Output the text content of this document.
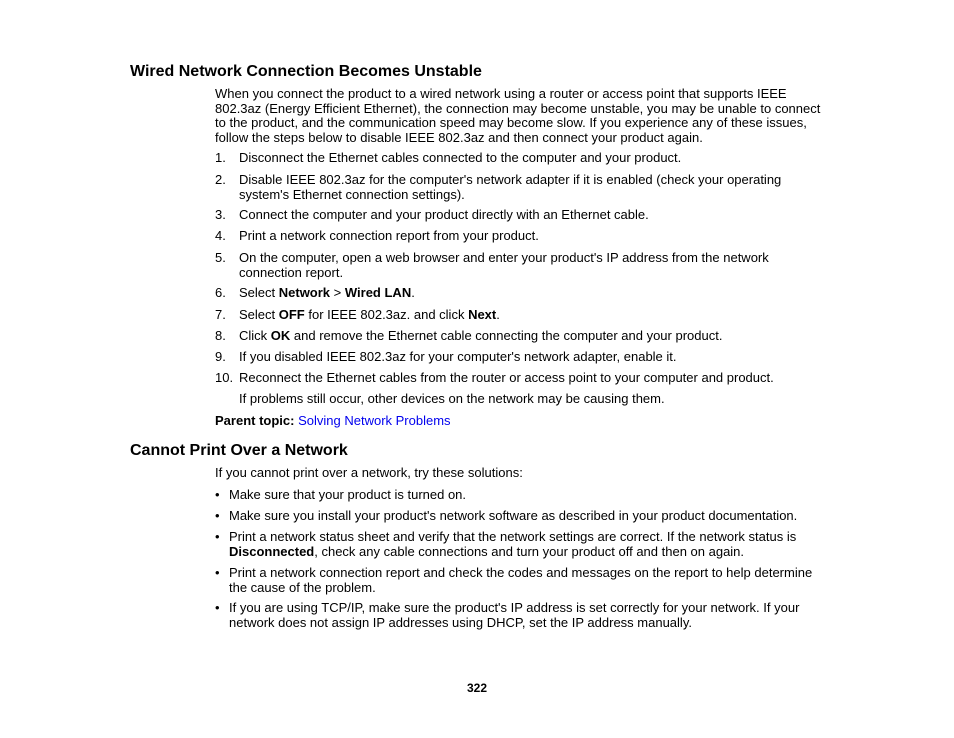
Wired Network Connection Becomes Unstable

When you connect the product to a wired network using a router or access point that supports IEEE 802.3az (Energy Efficient Ethernet), the connection may become unstable, you may be unable to connect to the product, and the communication speed may become slow. If you experience any of these issues, follow the steps below to disable IEEE 802.3az and then connect your product again.

1. Disconnect the Ethernet cables connected to the computer and your product.
2. Disable IEEE 802.3az for the computer's network adapter if it is enabled (check your operating system's Ethernet connection settings).
3. Connect the computer and your product directly with an Ethernet cable.
4. Print a network connection report from your product.
5. On the computer, open a web browser and enter your product's IP address from the network connection report.
6. Select Network > Wired LAN.
7. Select OFF for IEEE 802.3az. and click Next.
8. Click OK and remove the Ethernet cable connecting the computer and your product.
9. If you disabled IEEE 802.3az for your computer's network adapter, enable it.
10. Reconnect the Ethernet cables from the router or access point to your computer and product.

If problems still occur, other devices on the network may be causing them.

Parent topic: Solving Network Problems

Cannot Print Over a Network

If you cannot print over a network, try these solutions:

• Make sure that your product is turned on.
• Make sure you install your product's network software as described in your product documentation.
• Print a network status sheet and verify that the network settings are correct. If the network status is Disconnected, check any cable connections and turn your product off and then on again.
• Print a network connection report and check the codes and messages on the report to help determine the cause of the problem.
• If you are using TCP/IP, make sure the product's IP address is set correctly for your network. If your network does not assign IP addresses using DHCP, set the IP address manually.
322
